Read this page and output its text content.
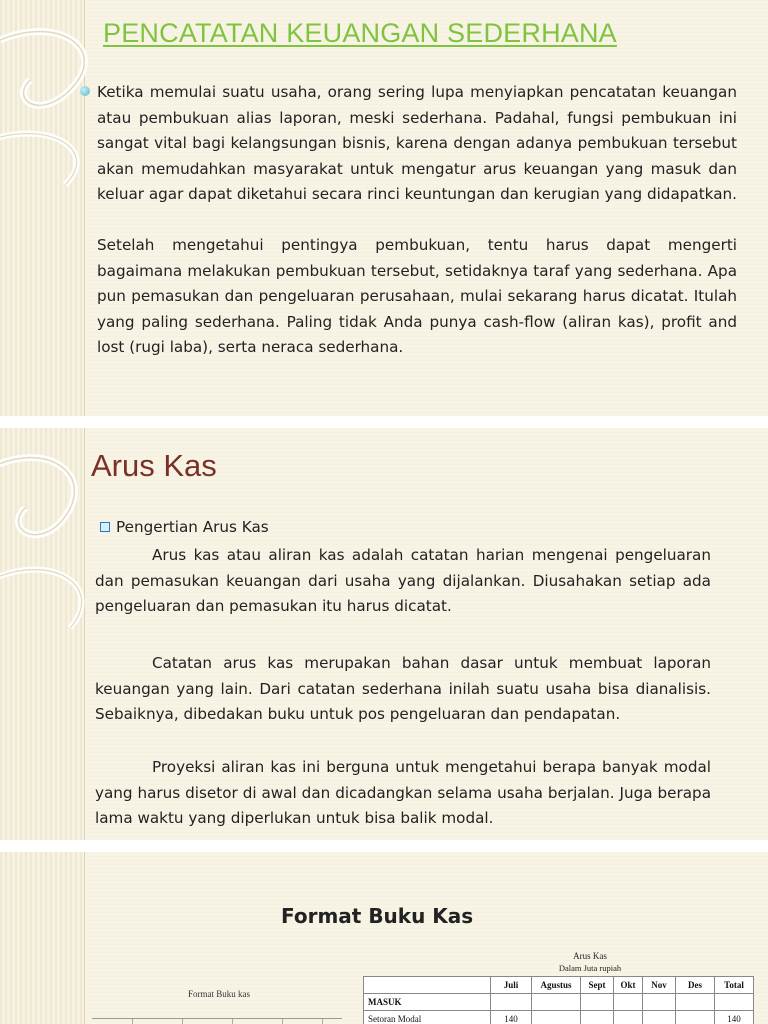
PENCATATAN KEUANGAN SEDERHANA

Ketika memulai suatu usaha, orang sering lupa menyiapkan pencatatan keuangan atau pembukuan alias laporan, meski sederhana. Padahal, fungsi pembukuan ini sangat vital bagi kelangsungan bisnis, karena dengan adanya pembukuan tersebut akan memudahkan masyarakat untuk mengatur arus keuangan yang masuk dan keluar agar dapat diketahui secara rinci keuntungan dan kerugian yang didapatkan.

Setelah mengetahui pentingya pembukuan, tentu harus dapat mengerti bagaimana melakukan pembukuan tersebut, setidaknya taraf yang sederhana. Apa pun pemasukan dan pengeluaran perusahaan, mulai sekarang harus dicatat. Itulah yang paling sederhana. Paling tidak Anda punya cash-flow (aliran kas), profit and lost (rugi laba), serta neraca sederhana.

Arus Kas
Pengertian Arus Kas

Arus kas atau aliran kas adalah catatan harian mengenai pengeluaran dan pemasukan keuangan dari usaha yang dijalankan. Diusahakan setiap ada pengeluaran dan pemasukan itu harus dicatat.

Catatan arus kas merupakan bahan dasar untuk membuat laporan keuangan yang lain. Dari catatan sederhana inilah suatu usaha bisa dianalisis. Sebaiknya, dibedakan buku untuk pos pengeluaran dan pendapatan.

Proyeksi aliran kas ini berguna untuk mengetahui berapa banyak modal yang harus disetor di awal dan dicadangkan selama usaha berjalan. Juga berapa lama waktu yang diperlukan untuk bisa balik modal.

Format Buku Kas
Format Buku kas
Arus Kas
Dalam Juta rupiah
	Juli	Agustus	Sept	Okt	Nov	Des	Total
MASUK							
Setoran Modal	140						140
